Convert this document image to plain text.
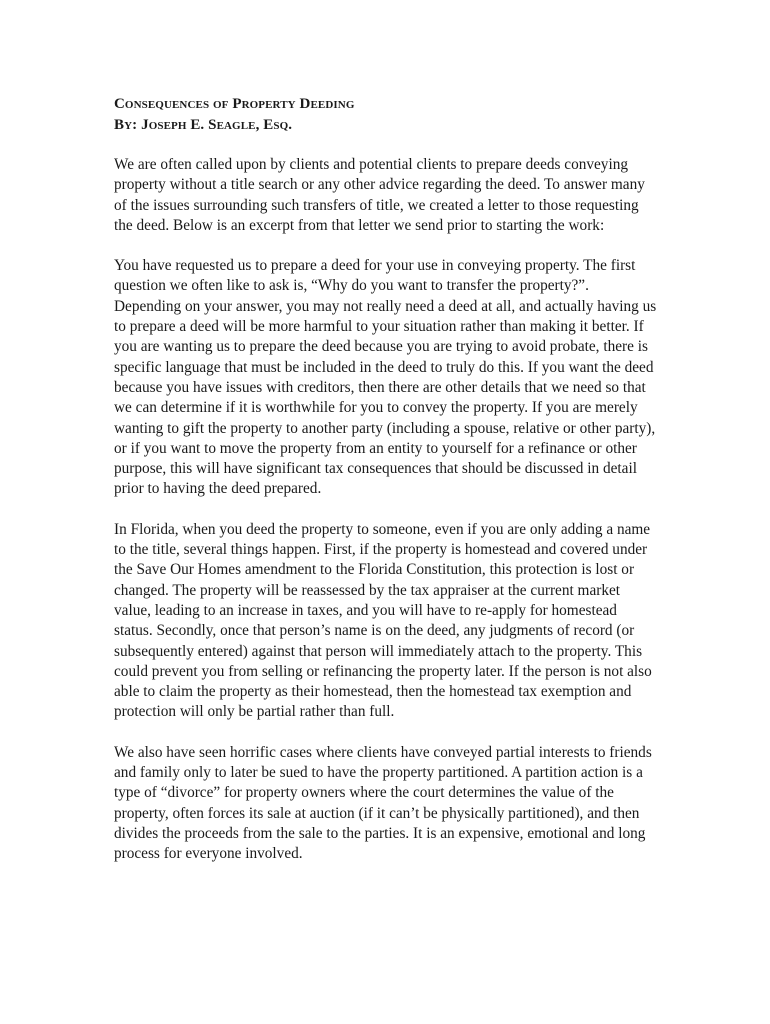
Consequences of Property Deeding
By: Joseph E. Seagle, Esq.

We are often called upon by clients and potential clients to prepare deeds conveying property without a title search or any other advice regarding the deed. To answer many of the issues surrounding such transfers of title, we created a letter to those requesting the deed. Below is an excerpt from that letter we send prior to starting the work:

You have requested us to prepare a deed for your use in conveying property. The first question we often like to ask is, “Why do you want to transfer the property?”. Depending on your answer, you may not really need a deed at all, and actually having us to prepare a deed will be more harmful to your situation rather than making it better. If you are wanting us to prepare the deed because you are trying to avoid probate, there is specific language that must be included in the deed to truly do this. If you want the deed because you have issues with creditors, then there are other details that we need so that we can determine if it is worthwhile for you to convey the property. If you are merely wanting to gift the property to another party (including a spouse, relative or other party), or if you want to move the property from an entity to yourself for a refinance or other purpose, this will have significant tax consequences that should be discussed in detail prior to having the deed prepared.

In Florida, when you deed the property to someone, even if you are only adding a name to the title, several things happen. First, if the property is homestead and covered under the Save Our Homes amendment to the Florida Constitution, this protection is lost or changed. The property will be reassessed by the tax appraiser at the current market value, leading to an increase in taxes, and you will have to re-apply for homestead status. Secondly, once that person’s name is on the deed, any judgments of record (or subsequently entered) against that person will immediately attach to the property. This could prevent you from selling or refinancing the property later. If the person is not also able to claim the property as their homestead, then the homestead tax exemption and protection will only be partial rather than full.

We also have seen horrific cases where clients have conveyed partial interests to friends and family only to later be sued to have the property partitioned. A partition action is a type of “divorce” for property owners where the court determines the value of the property, often forces its sale at auction (if it can’t be physically partitioned), and then divides the proceeds from the sale to the parties. It is an expensive, emotional and long process for everyone involved.
